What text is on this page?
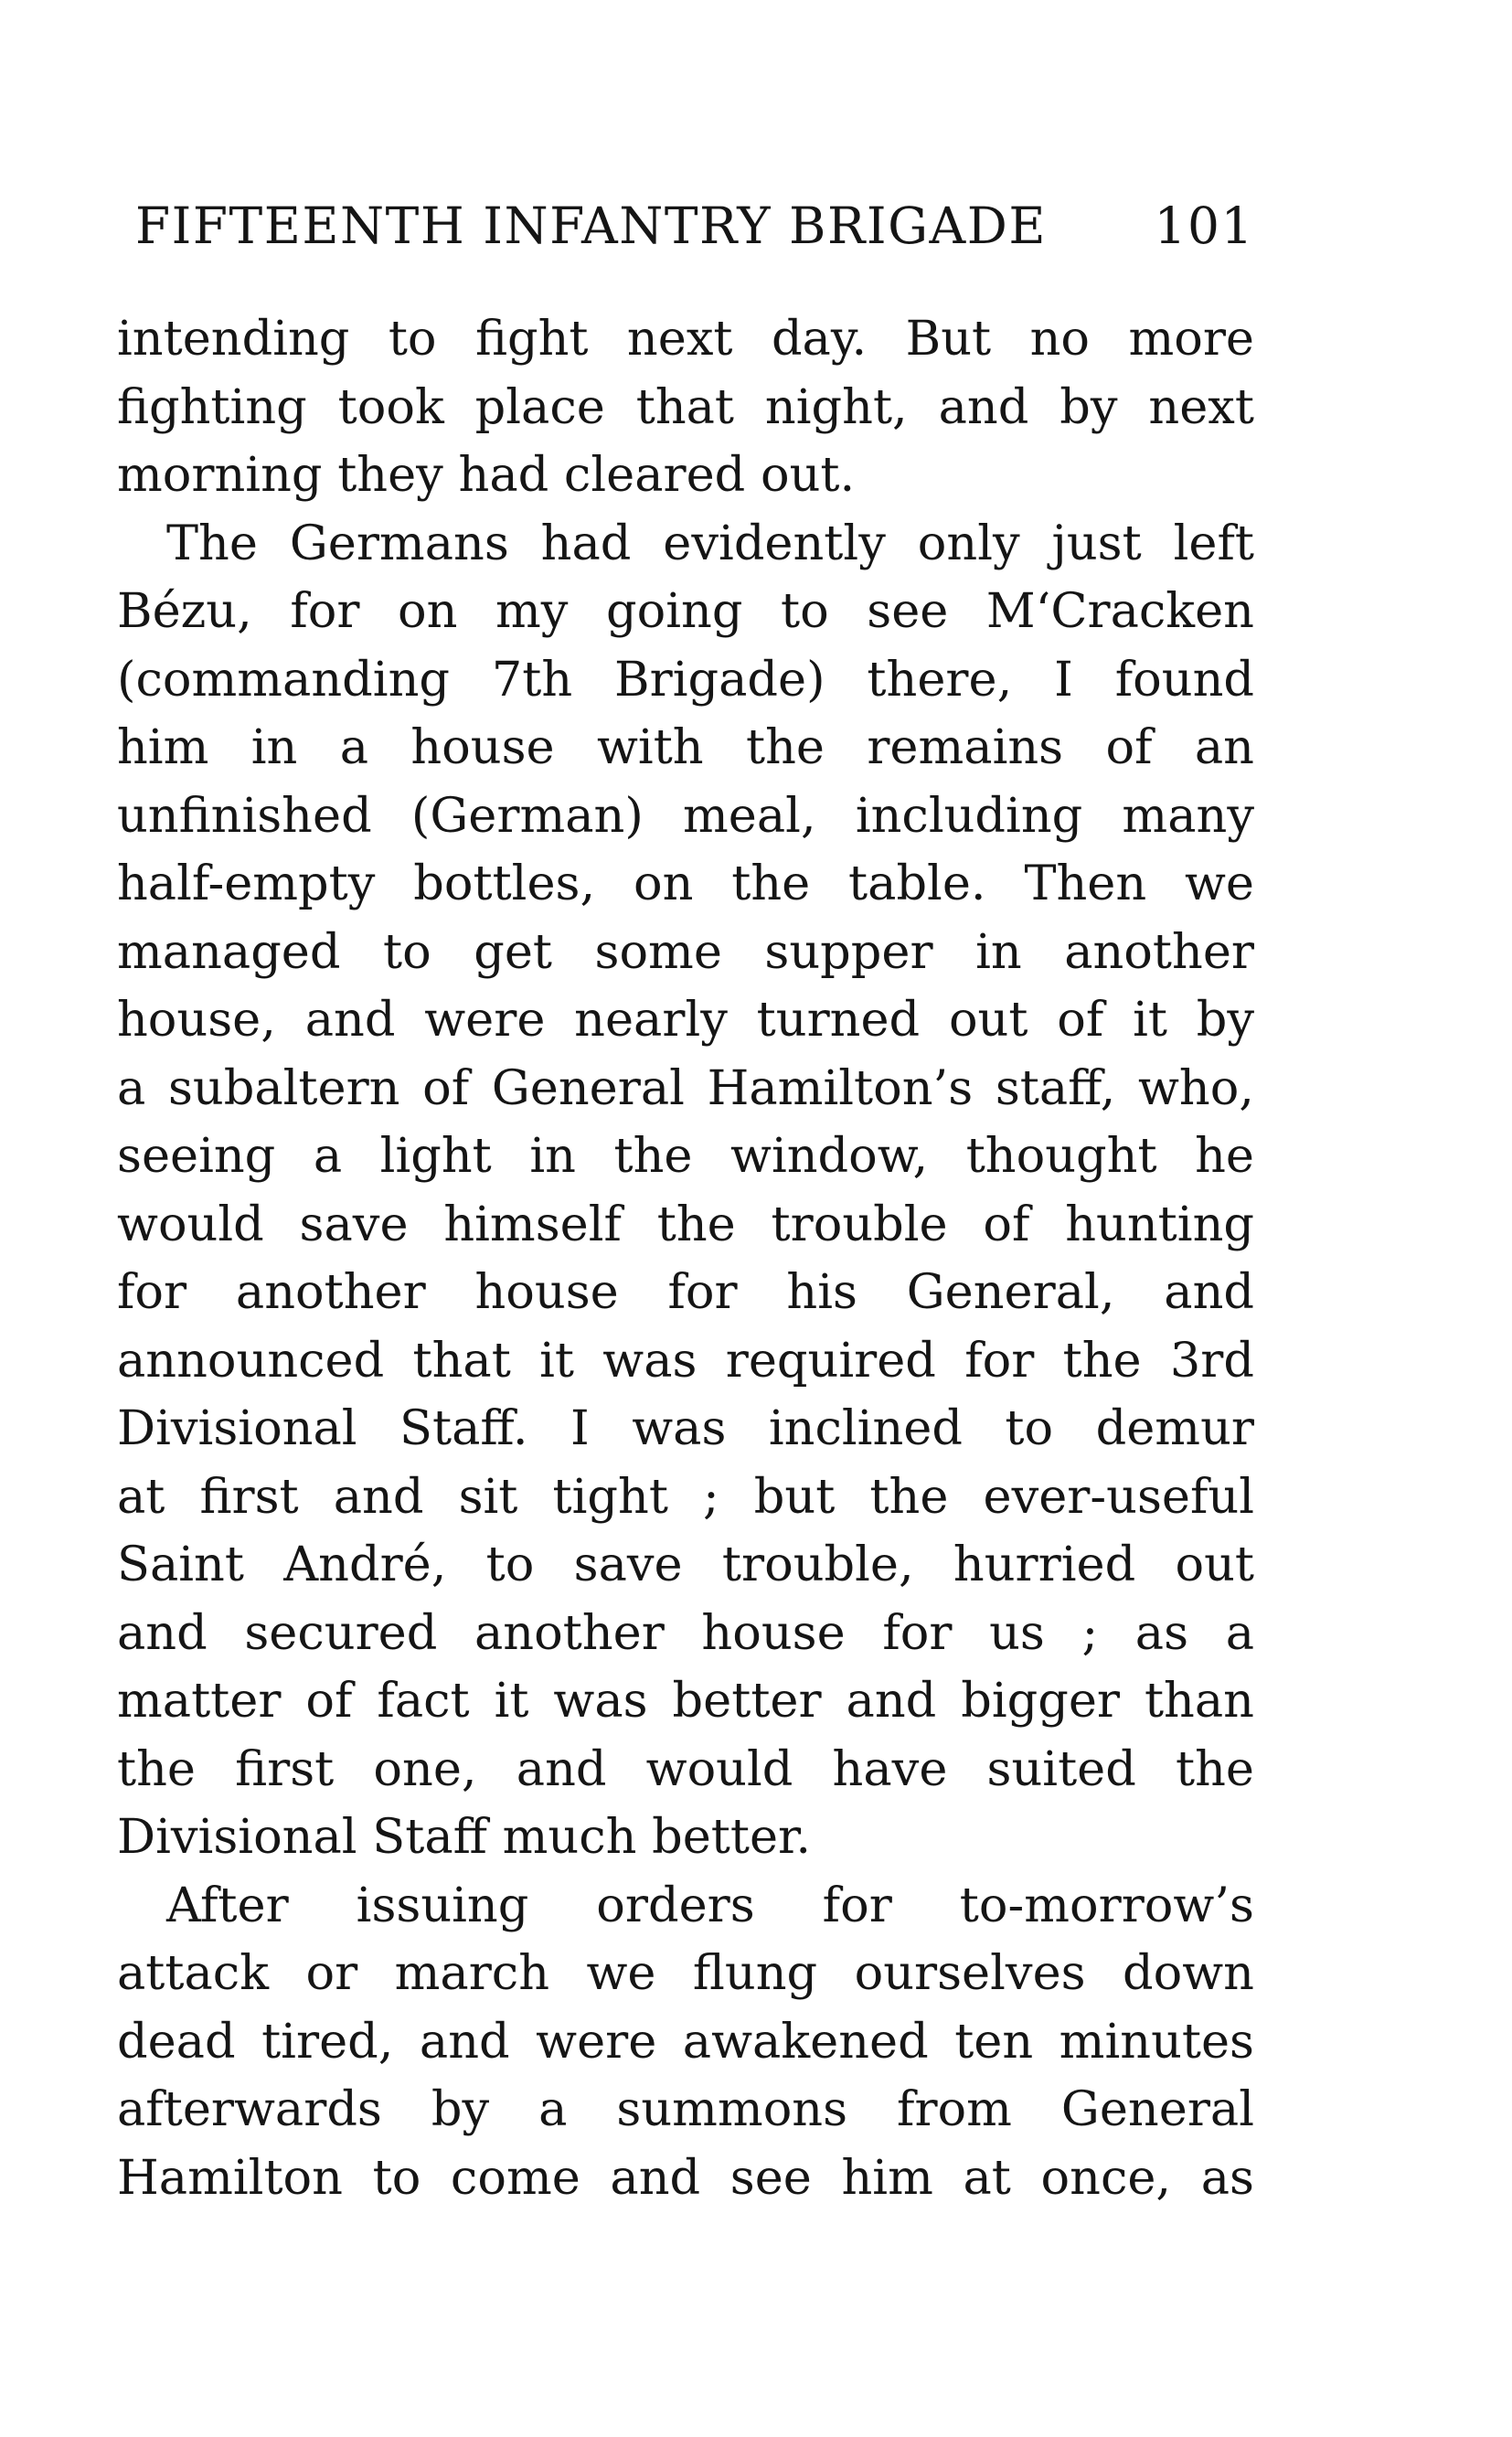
FIFTEENTH INFANTRY BRIGADE 101
intending to fight next day. But no more
fighting took place that night, and by next
morning they had cleared out.
The Germans had evidently only just left
Bézu, for on my going to see M‘Cracken
(commanding 7th Brigade) there, I found
him in a house with the remains of an
unfinished (German) meal, including many
half-empty bottles, on the table. Then we
managed to get some supper in another
house, and were nearly turned out of it by
a subaltern of General Hamilton’s staff, who,
seeing a light in the window, thought he
would save himself the trouble of hunting
for another house for his General, and
announced that it was required for the 3rd
Divisional Staff. I was inclined to demur
at first and sit tight ; but the ever-useful
Saint André, to save trouble, hurried out
and secured another house for us ; as a
matter of fact it was better and bigger than
the first one, and would have suited the
Divisional Staff much better.
After issuing orders for to-morrow’s
attack or march we flung ourselves down
dead tired, and were awakened ten minutes
afterwards by a summons from General
Hamilton to come and see him at once, as
